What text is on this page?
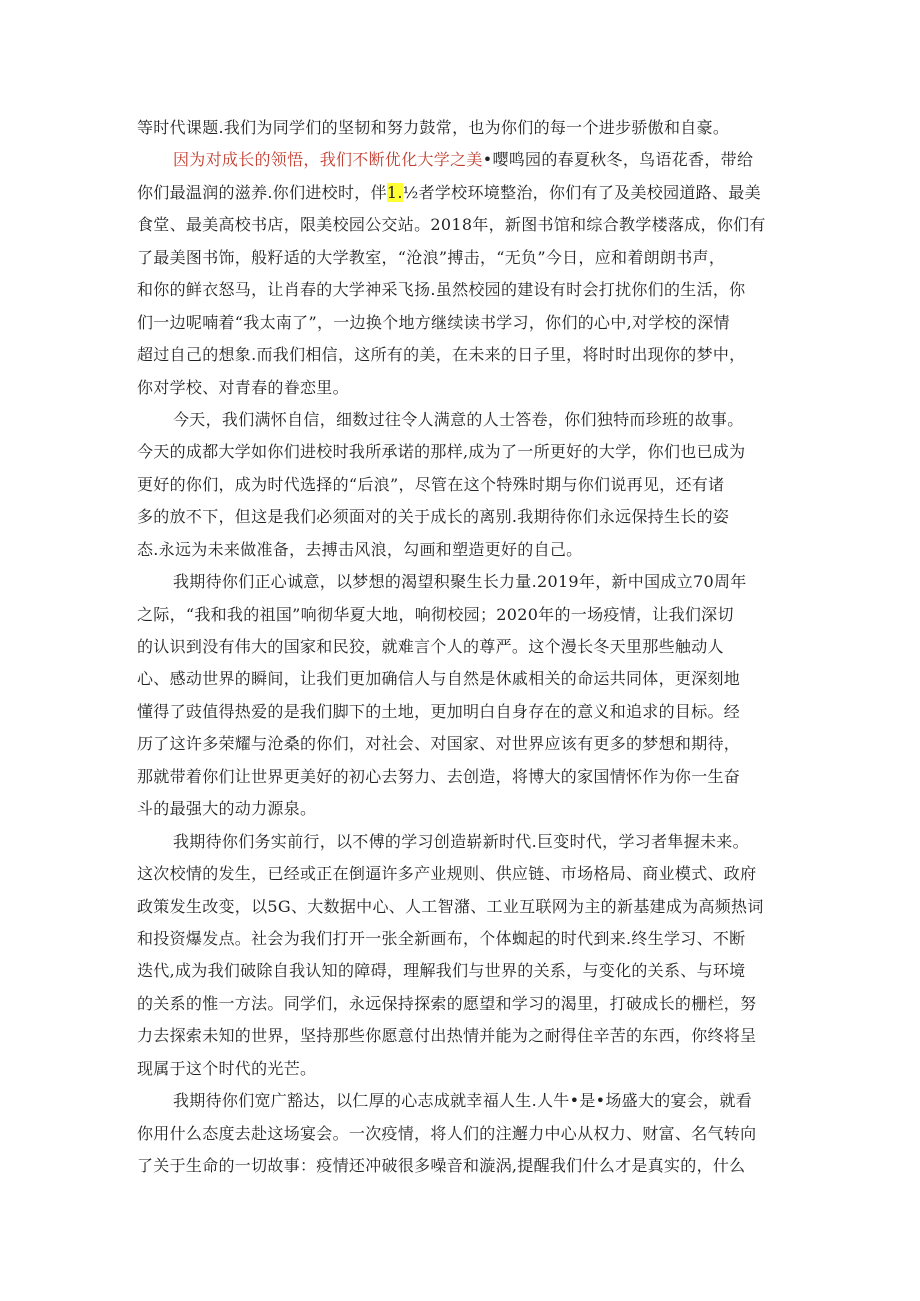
等时代课题.我们为同学们的坚韧和努力鼓常，也为你们的每一个进步骄傲和自豪。
因为对成长的领悟，我们不断优化大学之美•嘤鸣园的春夏秋冬，鸟语花香，带给
你们最温润的滋养.你们进校时，伴1.½者学校环境整治，你们有了及美校园道路、最美
食堂、最美高校书店，限美校园公交站。2018年，新图书馆和综合教学楼落成，你们有
了最美图书饰，般籽适的大学教室，“沧浪”搏击，“无负”今日，应和着朗朗书声，
和你的鲜衣怒马，让肖春的大学神采飞扬.虽然校园的建设有时会打扰你们的生活，你
们一边呢喃着“我太南了”，一边换个地方继续读书学习，你们的心中,对学校的深情
超过自己的想象.而我们相信，这所有的美，在未来的日子里，将时时出现你的梦中，
你对学校、对青春的眷恋里。
今天，我们满怀自信，细数过往令人满意的人士答卷，你们独特而珍班的故事。
今天的成都大学如你们进校时我所承诺的那样,成为了一所更好的大学，你们也已成为
更好的你们，成为时代选择的“后浪”，尽管在这个特殊时期与你们说再见，还有诸
多的放不下，但这是我们必须面对的关于成长的离别.我期待你们永远保持生长的姿
态.永远为未来做准备，去搏击风浪，勾画和塑造更好的自己。
我期待你们正心诚意，以梦想的渴望积聚生长力量.2019年，新中国成立70周年
之际，“我和我的祖国”响彻华夏大地，响彻校园；2020年的一场疫情，让我们深切
的认识到没有伟大的国家和民狡，就难言个人的尊严。这个漫长冬天里那些触动人
心、感动世界的瞬间，让我们更加确信人与自然是休戚相关的命运共同体，更深刻地
懂得了豉值得热爱的是我们脚下的土地，更加明白自身存在的意义和追求的目标。经
历了这许多荣耀与沧桑的你们，对社会、对国家、对世界应该有更多的梦想和期待，
那就带着你们让世界更美好的初心去努力、去创造，将博大的家国情怀作为你一生奋
斗的最强大的动力源泉。
我期待你们务实前行，以不傅的学习创造崭新时代.巨变时代，学习者隼握未来。
这次校情的发生，已经或正在倒逼许多产业规则、供应链、市场格局、商业模式、政府
政策发生改变，以5G、大数据中心、人工智潴、工业互联网为主的新基建成为高频热词
和投资爆发点。社会为我们打开一张全新画布，个体蜘起的时代到来.终生学习、不断
迭代,成为我们破除自我认知的障碍，理解我们与世界的关系，与变化的关系、与环境
的关系的惟一方法。同学们，永远保持探索的愿望和学习的渴里，打破成长的栅栏，努
力去探索未知的世界，坚持那些你愿意付出热情并能为之耐得住辛苦的东西，你终将呈
现属于这个时代的光芒。
我期待你们宽广豁达，以仁厚的心志成就幸福人生.人牛•是•场盛大的宴会，就看
你用什么态度去赴这场宴会。一次疫情，将人们的注邂力中心从权力、财富、名气转向
了关于生命的一切故事：疫情还冲破很多噪音和漩涡,提醒我们什么才是真实的，什么
